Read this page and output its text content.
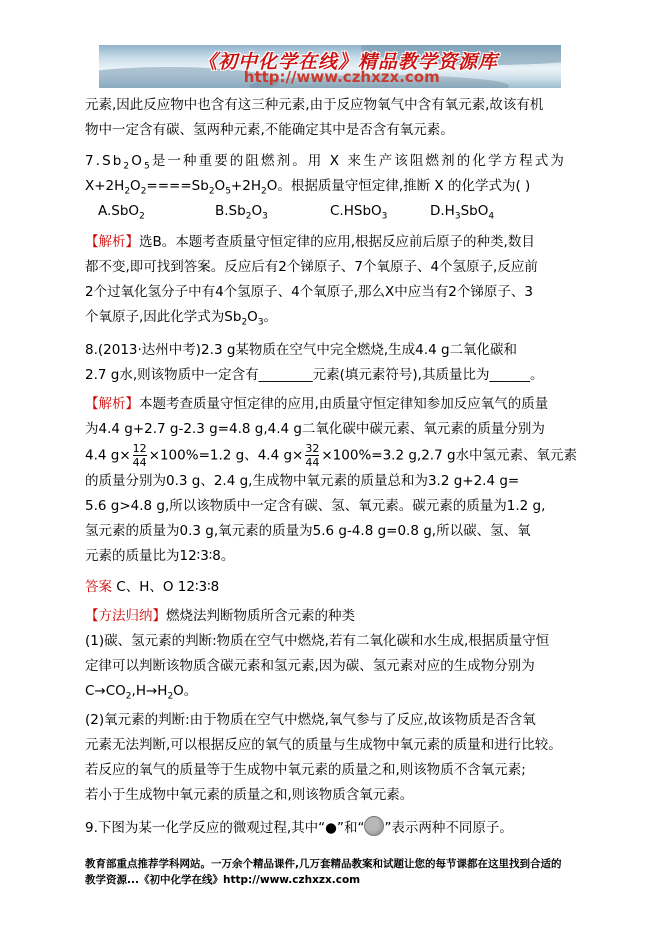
《初中化学在线》精品教学资源库
http://www.czhxzx.com
元素,因此反应物中也含有这三种元素,由于反应物氧气中含有氧元素,故该有机
物中一定含有碳、氢两种元素,不能确定其中是否含有氧元素。
$7.Sb_2O_5$是一种重要的阻燃剂。用 X 来生产该阻燃剂的化学方程式为
$X+2H_2O_2====Sb_2O_5+2H_2O$。根据质量守恒定律,推断 X 的化学式为( )
A.SbO$_2$	$B.Sb_2O_3$	C.HSbO$_3$	$D.H_3SbO_4$
【解析】选B。本题考查质量守恒定律的应用,根据反应前后原子的种类,数目
都不变,即可找到答案。反应后有2个锑原子、7个氧原子、4个氢原子,反应前
2个过氧化氢分子中有4个氢原子、4个氧原子,那么X中应当有2个锑原子、3
个氧原子,因此化学式为$Sb_2O_3$。
8.(2013·达州中考)2.3 g某物质在空气中完全燃烧,生成4.4 g二氧化碳和
2.7 g水,则该物质中一定含有________元素(填元素符号),其质量比为______。
【解析】本题考查质量守恒定律的应用,由质量守恒定律知参加反应氧气的质量
为4.4 g+2.7 g-2.3 g=4.8 g,4.4 g二氧化碳中碳元素、氧元素的质量分别为
4.4 $g\times \frac{12}{44} \times 100\%=1.2$ g、4.4 $g\times \frac{32}{44} \times 100\%=3.2$ g,2.7 g水中氢元素、氧元素
的质量分别为0.3 g、2.4 g,生成物中氧元素的质量总和为3.2 g+2.4 g=
5.6 g>4.8 g,所以该物质中一定含有碳、氢、氧元素。碳元素的质量为1.2 g,
氢元素的质量为0.3 g,氧元素的质量为5.6 g-4.8 g=0.8 g,所以碳、氢、氧
元素的质量比为12∶3∶8。
答案 C、H、O 12∶3∶8
【方法归纳】燃烧法判断物质所含元素的种类
(1)碳、氢元素的判断:物质在空气中燃烧,若有二氧化碳和水生成,根据质量守恒
定律可以判断该物质含碳元素和氢元素,因为碳、氢元素对应的生成物分别为
$C\to CO_2,H\to H_2O$。
(2)氧元素的判断:由于物质在空气中燃烧,氧气参与了反应,故该物质是否含氧
元素无法判断,可以根据反应的氧气的质量与生成物中氧元素的质量和进行比较。
若反应的氧气的质量等于生成物中氧元素的质量之和,则该物质不含氧元素;
若小于生成物中氧元素的质量之和,则该物质含氧元素。
9.下图为某一化学反应的微观过程,其中“●”和“ ”表示两种不同原子。
教育部重点推荐学科网站。一万余个精品课件,几万套精品教案和试题让您的每节课都在这里找到合适的
教学资源...《初中化学在线》http://www.czhxzx.com
